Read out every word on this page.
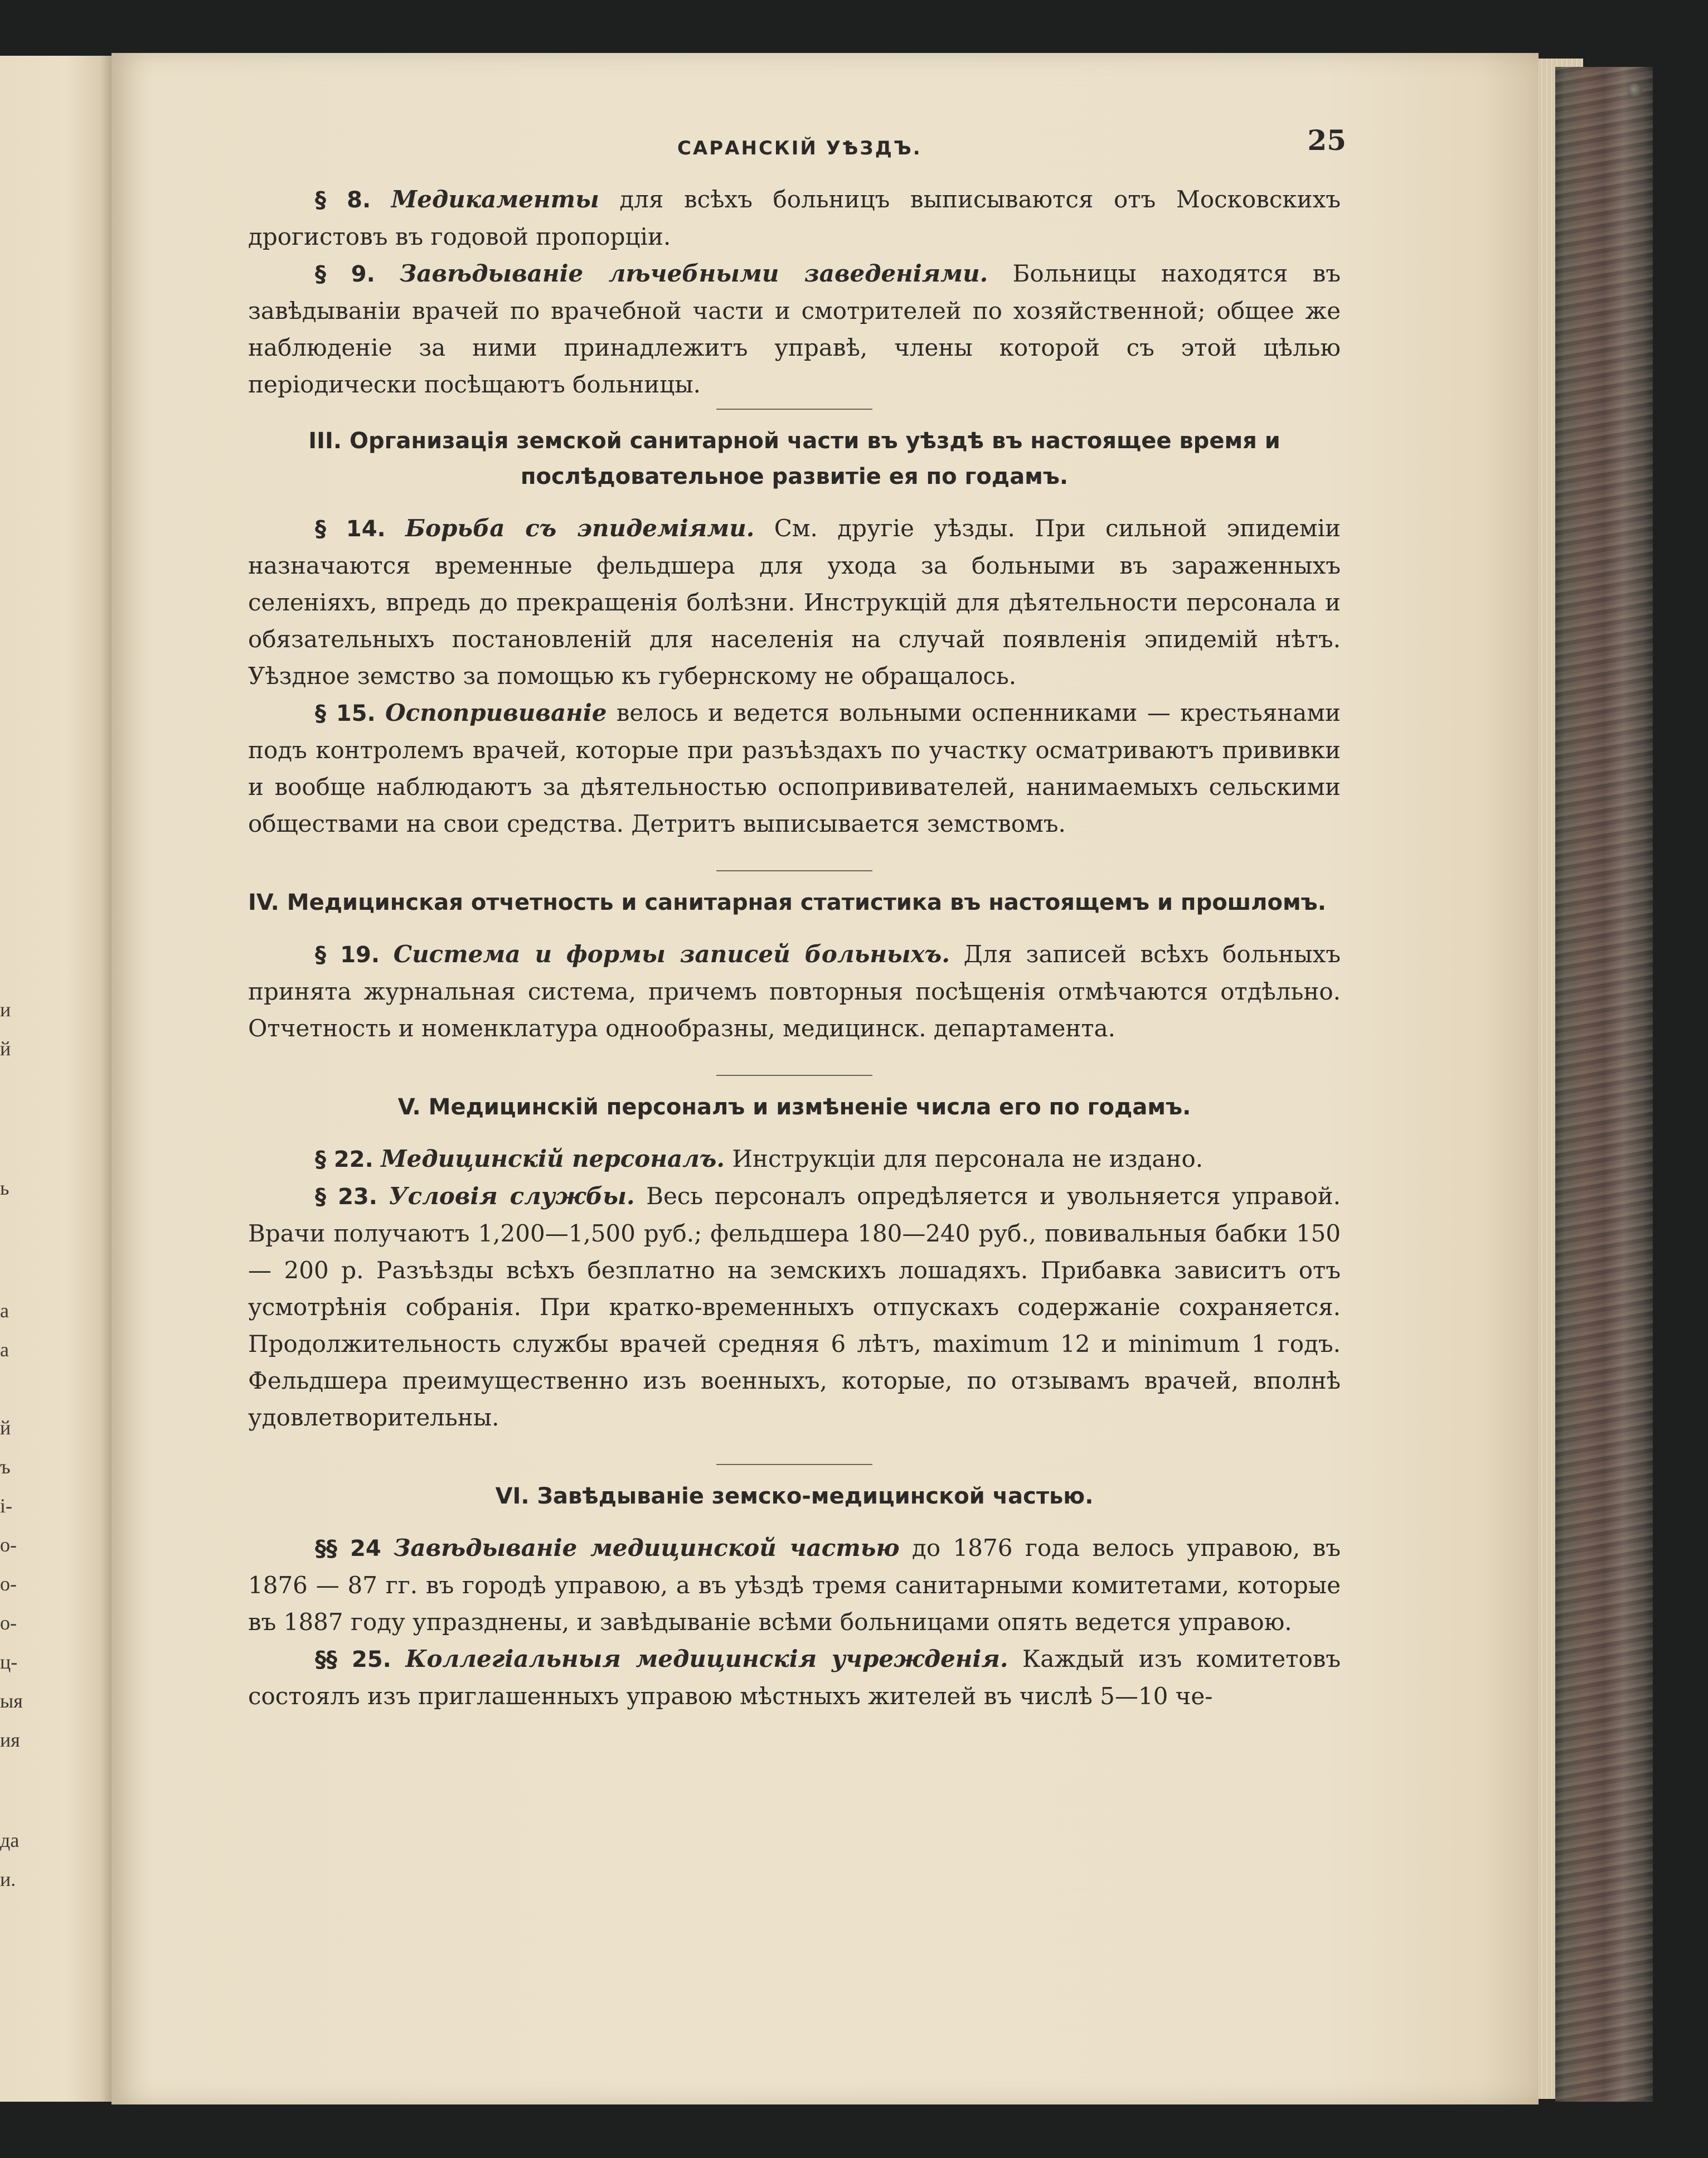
и
й
ь
а
а
й
ъ
і-
о-
о-
о-
ц-
ыя
ия
да
и.
САРАНСКІЙ УѢЗДЪ.	25

§ 8. Медикаменты для всѣхъ больницъ выписываются отъ Московскихъ дрогистовъ въ годовой пропорціи.

§ 9. Завѣдываніе лѣчебными заведеніями. Больницы находятся въ завѣдываніи врачей по врачебной части и смотрителей по хозяйственной; общее же наблюденіе за ними принадлежитъ управѣ, члены которой съ этой цѣлью періодически посѣщаютъ больницы.

III. Организація земской санитарной части въ уѣздѣ въ настоящее время и послѣдовательное развитіе ея по годамъ.

§ 14. Борьба съ эпидеміями. См. другіе уѣзды. При сильной эпидеміи назначаются временные фельдшера для ухода за больными въ зараженныхъ селеніяхъ, впредь до прекращенія болѣзни. Инструкцій для дѣятельности персонала и обязательныхъ постановленій для населенія на случай появленія эпидемій нѣтъ. Уѣздное земство за помощью къ губернскому не обращалось.

§ 15. Оспопрививаніе велось и ведется вольными оспенниками — крестьянами подъ контролемъ врачей, которые при разъѣздахъ по участку осматриваютъ прививки и вообще наблюдаютъ за дѣятельностью оспопрививателей, нанимаемыхъ сельскими обществами на свои средства. Детритъ выписывается земствомъ.

IV. Медицинская отчетность и санитарная статистика въ настоящемъ и прошломъ.

§ 19. Система и формы записей больныхъ. Для записей всѣхъ больныхъ принята журнальная система, причемъ повторныя посѣщенія отмѣчаются отдѣльно. Отчетность и номенклатура однообразны, медицинск. департамента.

V. Медицинскій персоналъ и измѣненіе числа его по годамъ.

§ 22. Медицинскій персоналъ. Инструкціи для персонала не издано.

§ 23. Условія службы. Весь персоналъ опредѣляется и увольняется управой. Врачи получаютъ 1,200—1,500 руб.; фельдшера 180—240 руб., повивальныя бабки 150 — 200 р. Разъѣзды всѣхъ безплатно на земскихъ лошадяхъ. Прибавка зависитъ отъ усмотрѣнія собранія. При кратко-временныхъ отпускахъ содержаніе сохраняется. Продолжительность службы врачей средняя 6 лѣтъ, maximum 12 и minimum 1 годъ. Фельдшера преимущественно изъ военныхъ, которые, по отзывамъ врачей, вполнѣ удовлетворительны.

VI. Завѣдываніе земско-медицинской частью.

§§ 24 Завѣдываніе медицинской частью до 1876 года велось управою, въ 1876 — 87 гг. въ городѣ управою, а въ уѣздѣ тремя санитарными комитетами, которые въ 1887 году упразднены, и завѣдываніе всѣми больницами опять ведется управою.

§§ 25. Коллегіальныя медицинскія учрежденія. Каждый изъ комитетовъ состоялъ изъ приглашенныхъ управою мѣстныхъ жителей въ числѣ 5—10 че-
